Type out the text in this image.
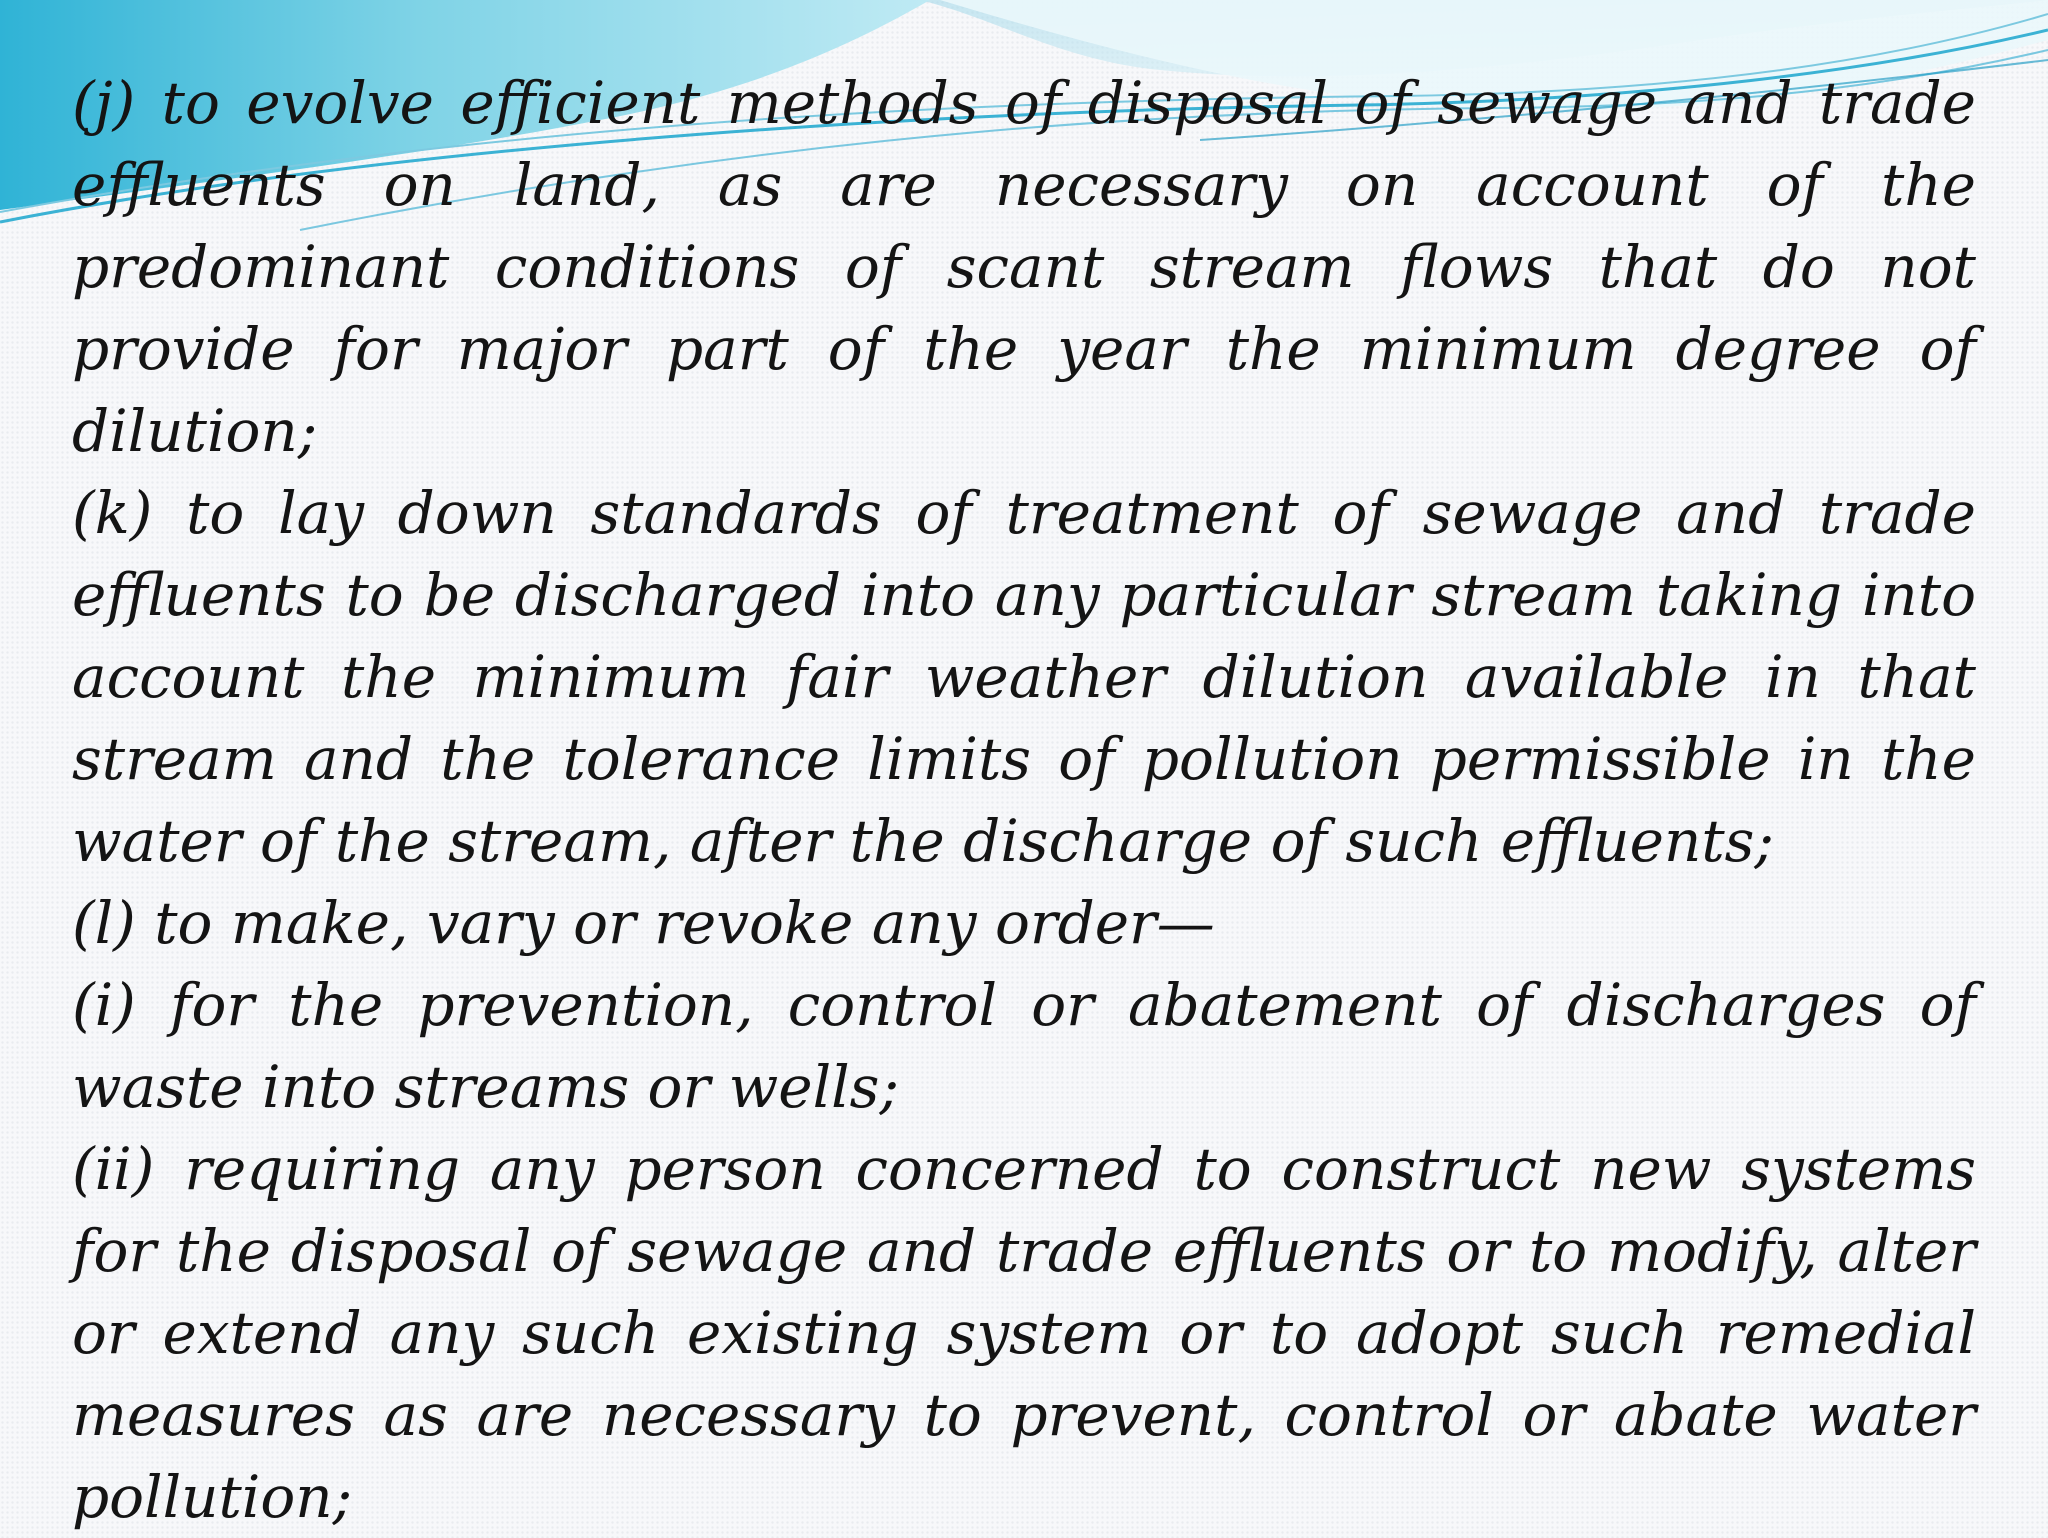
(j) to evolve efficient methods of disposal of sewage and trade effluents on land, as are necessary on account of the predominant conditions of scant stream flows that do not provide for major part of the year the minimum degree of dilution;

(k) to lay down standards of treatment of sewage and trade effluents to be discharged into any particular stream taking into account the minimum fair weather dilution available in that stream and the tolerance limits of pollution permissible in the water of the stream, after the discharge of such effluents;

(l) to make, vary or revoke any order—

(i) for the prevention, control or abatement of discharges of waste into streams or wells;

(ii) requiring any person concerned to construct new systems for the disposal of sewage and trade effluents or to modify, alter or extend any such existing system or to adopt such remedial measures as are necessary to prevent, control or abate water pollution;
